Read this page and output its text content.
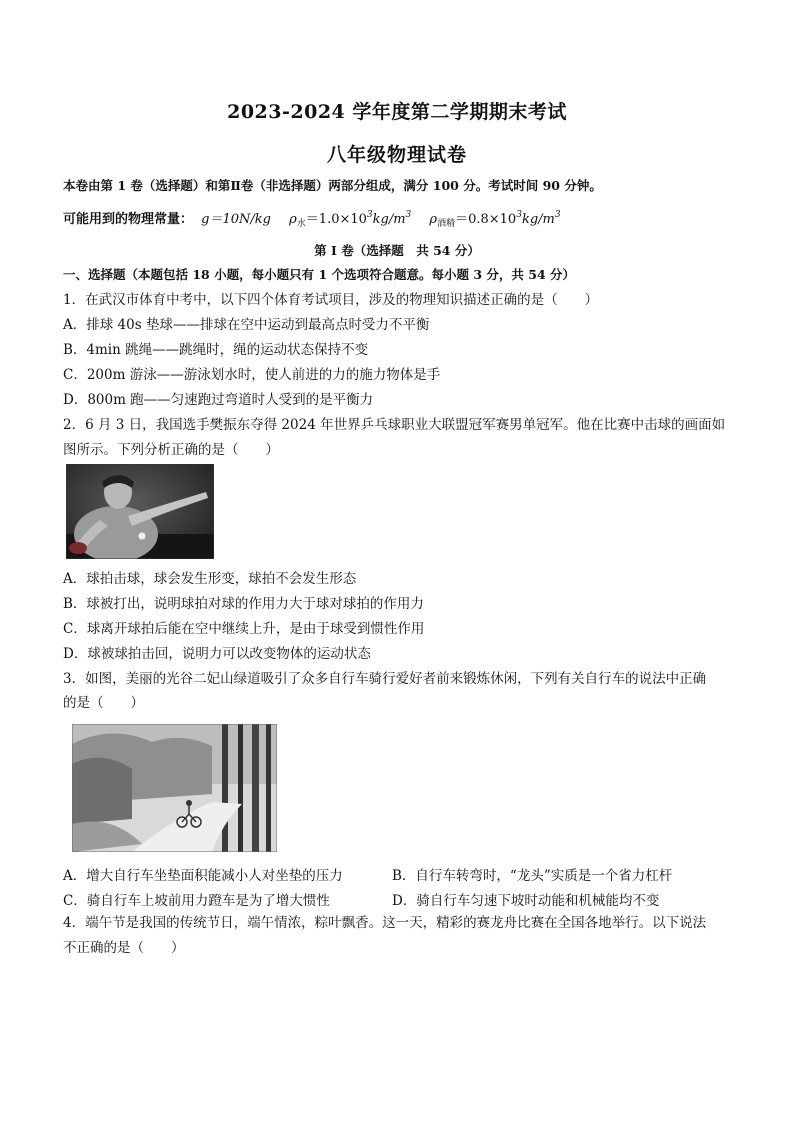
2023-2024 学年度第二学期期末考试
八年级物理试卷
本卷由第 1 卷（选择题）和第Ⅱ卷（非选择题）两部分组成，满分 100 分。考试时间 90 分钟。
可能用到的物理常量： g＝10N/kg $\rho_水=1.0\times 10^3kg/m^3$ $\rho_{酒精}=0.8\times 10^3kg/m^3$
第 I 卷（选择题　共 54 分）
一、选择题（本题包括 18 小题，每小题只有 1 个选项符合题意。每小题 3 分，共 54 分）
1．在武汉市体育中考中，以下四个体育考试项目，涉及的物理知识描述正确的是（　　）
A．排球 40s 垫球——排球在空中运动到最高点时受力不平衡
B．4min 跳绳——跳绳时，绳的运动状态保持不变
C．200m 游泳——游泳划水时，使人前进的力的施力物体是手
D．800m 跑——匀速跑过弯道时人受到的是平衡力
2．6 月 3 日，我国选手樊振东夺得 2024 年世界乒乓球职业大联盟冠军赛男单冠军。他在比赛中击球的画面如
图所示。下列分析正确的是（　　）
A．球拍击球，球会发生形变，球拍不会发生形态
B．球被打出，说明球拍对球的作用力大于球对球拍的作用力
C．球离开球拍后能在空中继续上升，是由于球受到惯性作用
D．球被球拍击回，说明力可以改变物体的运动状态
3．如图，美丽的光谷二妃山绿道吸引了众多自行车骑行爱好者前来锻炼休闲，下列有关自行车的说法中正确
的是（　　）
A．增大自行车坐垫面积能减小人对坐垫的压力	B．自行车转弯时，“龙头”实质是一个省力杠杆
C．骑自行车上坡前用力蹬车是为了增大惯性	D．骑自行车匀速下坡时动能和机械能均不变
4．端午节是我国的传统节日，端午情浓，粽叶飘香。这一天，精彩的赛龙舟比赛在全国各地举行。以下说法
不正确的是（　　）
